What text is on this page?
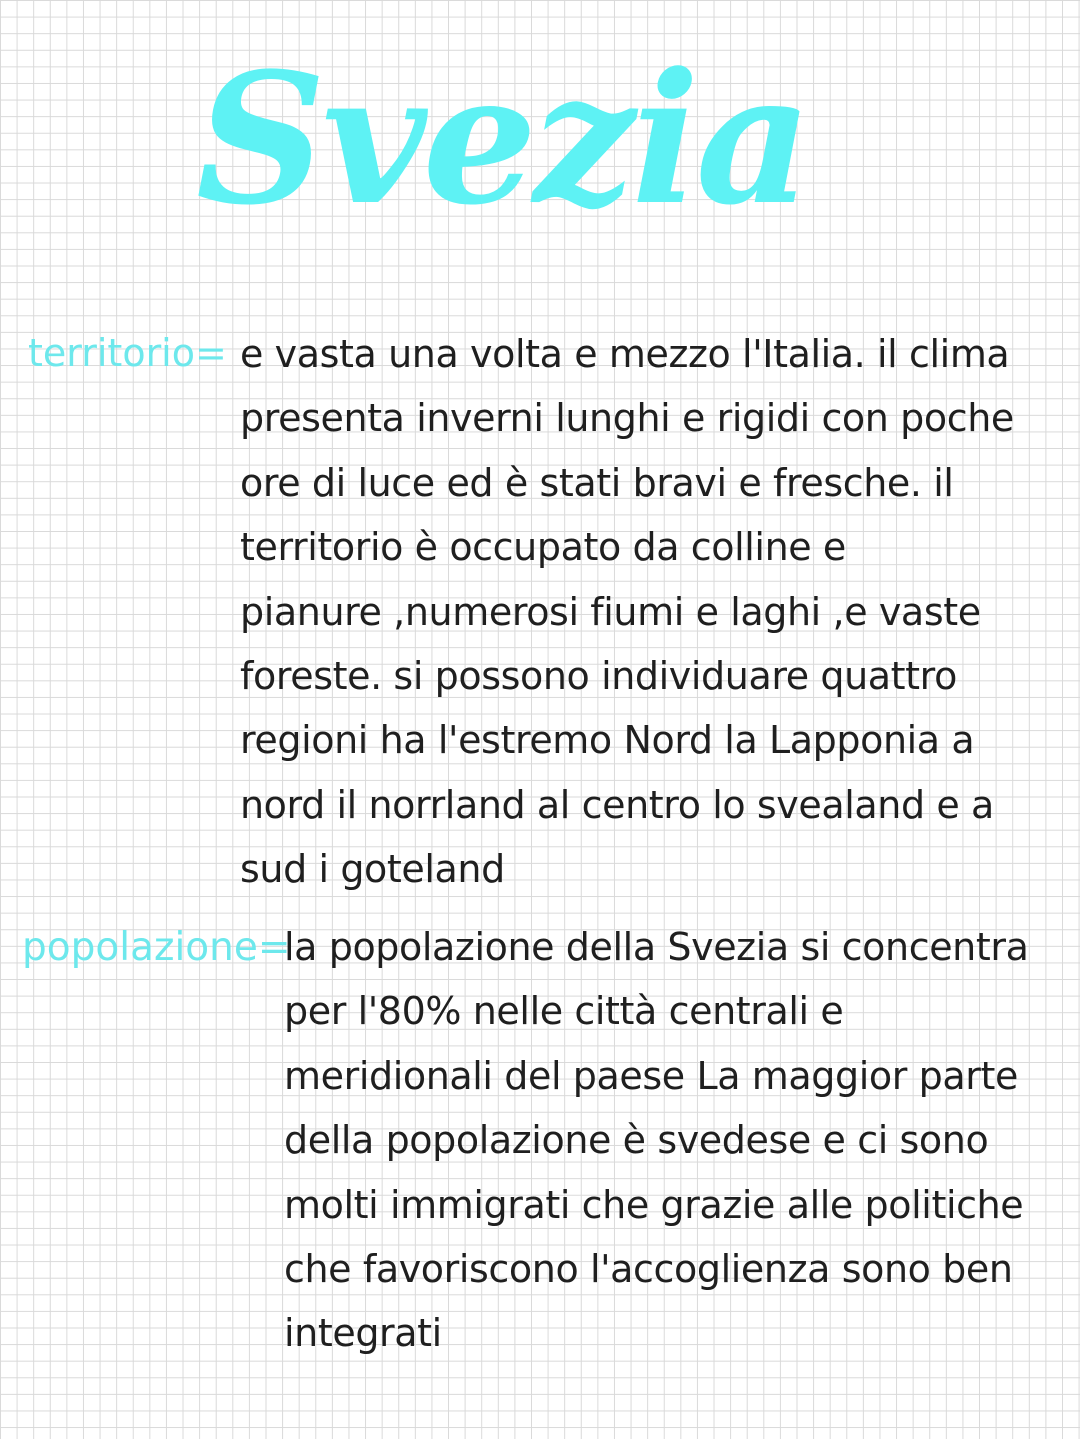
Svezia
territorio= e vasta una volta e mezzo l'Italia. il clima
presenta inverni lunghi e rigidi con poche
ore di luce ed è stati bravi e fresche. il
territorio è occupato da colline e
pianure ,numerosi fiumi e laghi ,e vaste
foreste. si possono individuare quattro
regioni ha l'estremo Nord la Lapponia a
nord il norrland al centro lo svealand e a
sud i goteland
popolazione=
la popolazione della Svezia si concentra
per l'80% nelle città centrali e
meridionali del paese La maggior parte
della popolazione è svedese e ci sono
molti immigrati che grazie alle politiche
che favoriscono l'accoglienza sono ben
integrati
